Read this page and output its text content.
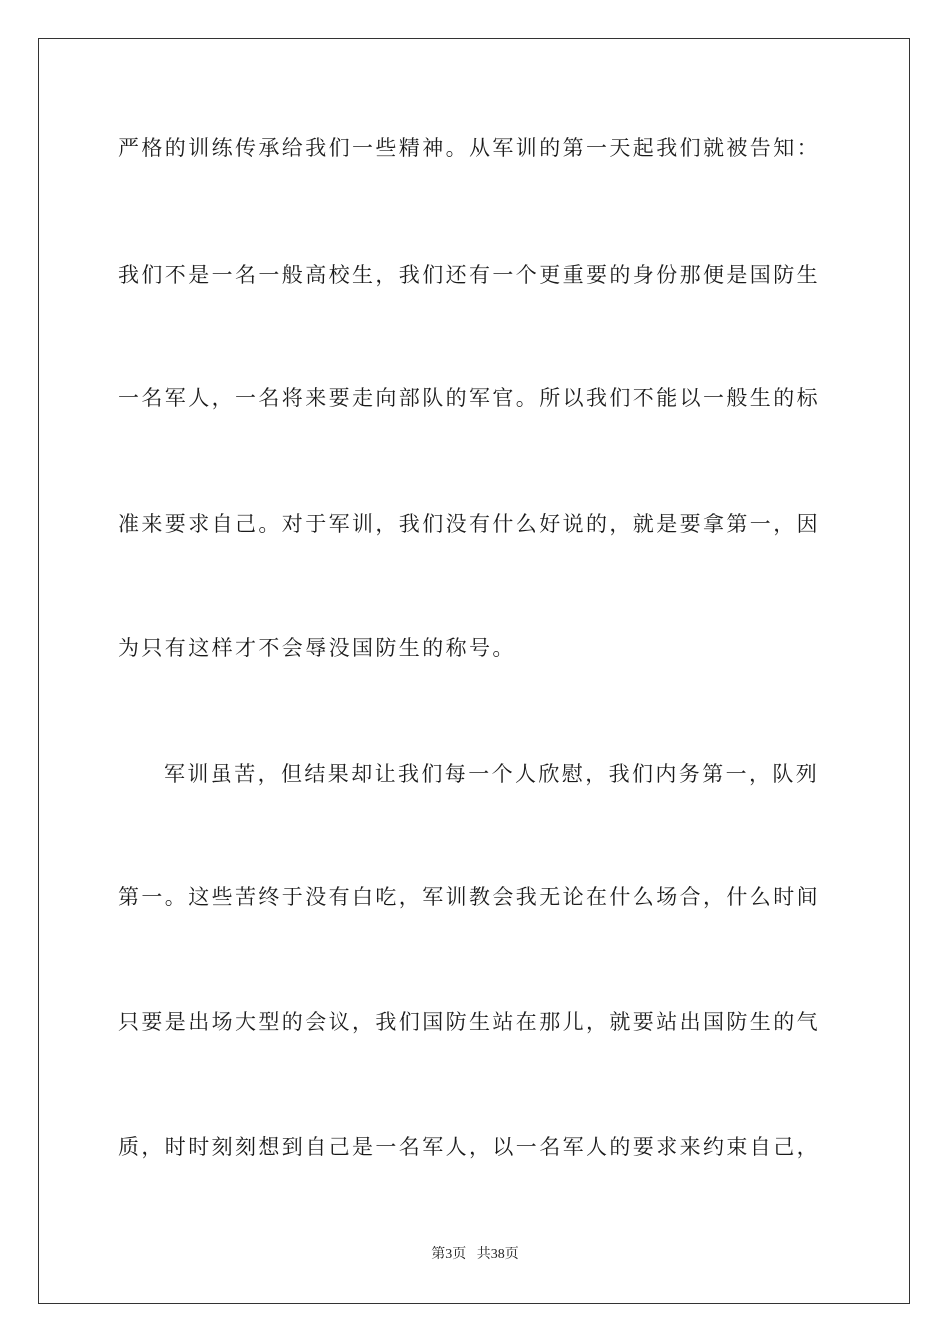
严格的训练传承给我们一些精神。从军训的第一天起我们就被告知：
我们不是一名一般高校生，我们还有一个更重要的身份那便是国防生
一名军人，一名将来要走向部队的军官。所以我们不能以一般生的标
准来要求自己。对于军训，我们没有什么好说的，就是要拿第一，因
为只有这样才不会辱没国防生的称号。
军训虽苦，但结果却让我们每一个人欣慰，我们内务第一，队列
第一。这些苦终于没有白吃，军训教会我无论在什么场合，什么时间
只要是出场大型的会议，我们国防生站在那儿，就要站出国防生的气
质，时时刻刻想到自己是一名军人，以一名军人的要求来约束自己，
第3页 共38页
